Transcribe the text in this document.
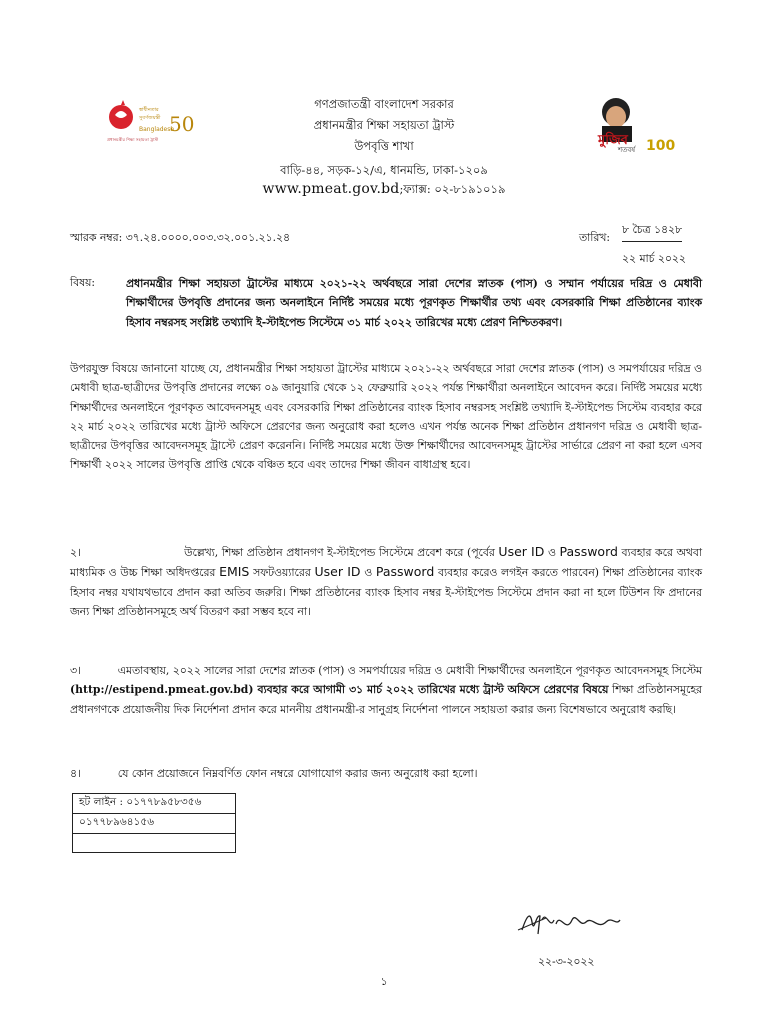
স্বাধীনতার
সুবর্ণজয়ন্তী 50
Bangladesh
প্রধানমন্ত্রীর শিক্ষা সহায়তা ট্রাস্ট	মুজিব
শতবর্ষ 100
গণপ্রজাতন্ত্রী বাংলাদেশ সরকার
প্রধানমন্ত্রীর শিক্ষা সহায়তা ট্রাস্ট
উপবৃত্তি শাখা
বাড়ি-৪৪, সড়ক-১২/এ, ধানমন্ডি, ঢাকা-১২০৯
www.pmeat.gov.bd;ফ্যাক্স: ০২-৮১৯১০১৯
স্মারক নম্বর: ৩৭.২৪.০০০০.০০৩.৩২.০০১.২১.২৪	তারিখ:
৮ চৈত্র ১৪২৮
২২ মার্চ ২০২২
বিষয়:	প্রধানমন্ত্রীর শিক্ষা সহায়তা ট্রাস্টের মাধ্যমে ২০২১-২২ অর্থবছরে সারা দেশের স্নাতক (পাস) ও সম্মান পর্যায়ের দরিদ্র ও মেধাবী শিক্ষার্থীদের উপবৃত্তি প্রদানের জন্য অনলাইনে নির্দিষ্ট সময়ের মধ্যে পূরণকৃত শিক্ষার্থীর তথ্য এবং বেসরকারি শিক্ষা প্রতিষ্ঠানের ব্যাংক হিসাব নম্বরসহ সংশ্লিষ্ট তথ্যাদি ই-স্টাইপেন্ড সিস্টেমে ৩১ মার্চ ২০২২ তারিখের মধ্যে প্রেরণ নিশ্চিতকরণ।
উপরযুক্ত বিষয়ে জানানো যাচ্ছে যে, প্রধানমন্ত্রীর শিক্ষা সহায়তা ট্রাস্টের মাধ্যমে ২০২১-২২ অর্থবছরে সারা দেশের স্নাতক (পাস) ও সমপর্যায়ের দরিদ্র ও মেধাবী ছাত্র-ছাত্রীদের উপবৃত্তি প্রদানের লক্ষ্যে ০৯ জানুয়ারি থেকে ১২ ফেব্রুয়ারি ২০২২ পর্যন্ত শিক্ষার্থীরা অনলাইনে আবেদন করে। নির্দিষ্ট সময়ের মধ্যে শিক্ষার্থীদের অনলাইনে পূরণকৃত আবেদনসমূহ এবং বেসরকারি শিক্ষা প্রতিষ্ঠানের ব্যাংক হিসাব নম্বরসহ সংশ্লিষ্ট তথ্যাদি ই-স্টাইপেন্ড সিস্টেম ব্যবহার করে ২২ মার্চ ২০২২ তারিখের মধ্যে ট্রাস্ট অফিসে প্রেরণের জন্য অনুরোধ করা হলেও এখন পর্যন্ত অনেক শিক্ষা প্রতিষ্ঠান প্রধানগণ দরিদ্র ও মেধাবী ছাত্র-ছাত্রীদের উপবৃত্তির আবেদনসমূহ ট্রাস্টে প্রেরণ করেননি। নির্দিষ্ট সময়ের মধ্যে উক্ত শিক্ষার্থীদের আবেদনসমূহ ট্রাস্টের সার্ভারে প্রেরণ না করা হলে এসব শিক্ষার্থী ২০২২ সালের উপবৃত্তি প্রাপ্তি থেকে বঞ্চিত হবে এবং তাদের শিক্ষা জীবন বাধাগ্রস্থ হবে।
২।	উল্লেখ্য, শিক্ষা প্রতিষ্ঠান প্রধানগণ ই-স্টাইপেন্ড সিস্টেমে প্রবেশ করে (পূর্বের User ID ও Password ব্যবহার করে অথবা মাধ্যমিক ও উচ্চ শিক্ষা অধিদপ্তরের EMIS সফটওয়্যারের User ID ও Password ব্যবহার করেও লগইন করতে পারবেন) শিক্ষা প্রতিষ্ঠানের ব্যাংক হিসাব নম্বর যথাযথভাবে প্রদান করা অতিব জরুরি। শিক্ষা প্রতিষ্ঠানের ব্যাংক হিসাব নম্বর ই-স্টাইপেন্ড সিস্টেমে প্রদান করা না হলে টিউশন ফি প্রদানের জন্য শিক্ষা প্রতিষ্ঠানসমূহে অর্থ বিতরণ করা সম্ভব হবে না।
৩।	এমতাবস্থায়, ২০২২ সালের সারা দেশের স্নাতক (পাস) ও সমপর্যায়ের দরিদ্র ও মেধাবী শিক্ষার্থীদের অনলাইনে পূরণকৃত আবেদনসমূহ সিস্টেম (http://estipend.pmeat.gov.bd) ব্যবহার করে আগামী ৩১ মার্চ ২০২২ তারিখের মধ্যে ট্রাস্ট অফিসে প্রেরণের বিষয়ে শিক্ষা প্রতিষ্ঠানসমূহের প্রধানগণকে প্রয়োজনীয় দিক নির্দেশনা প্রদান করে মাননীয় প্রধানমন্ত্রী-র সানুগ্রহ নির্দেশনা পালনে সহায়তা করার জন্য বিশেষভাবে অনুরোধ করছি।
৪।	যে কোন প্রয়োজনে নিম্নবর্ণিত ফোন নম্বরে যোগাযোগ করার জন্য অনুরোধ করা হলো।
হট লাইন : ০১৭৭৮৯৫৮৩৫৬
০১৭৭৮৯৬৪১৫৬

২২-৩-২০২২
১
